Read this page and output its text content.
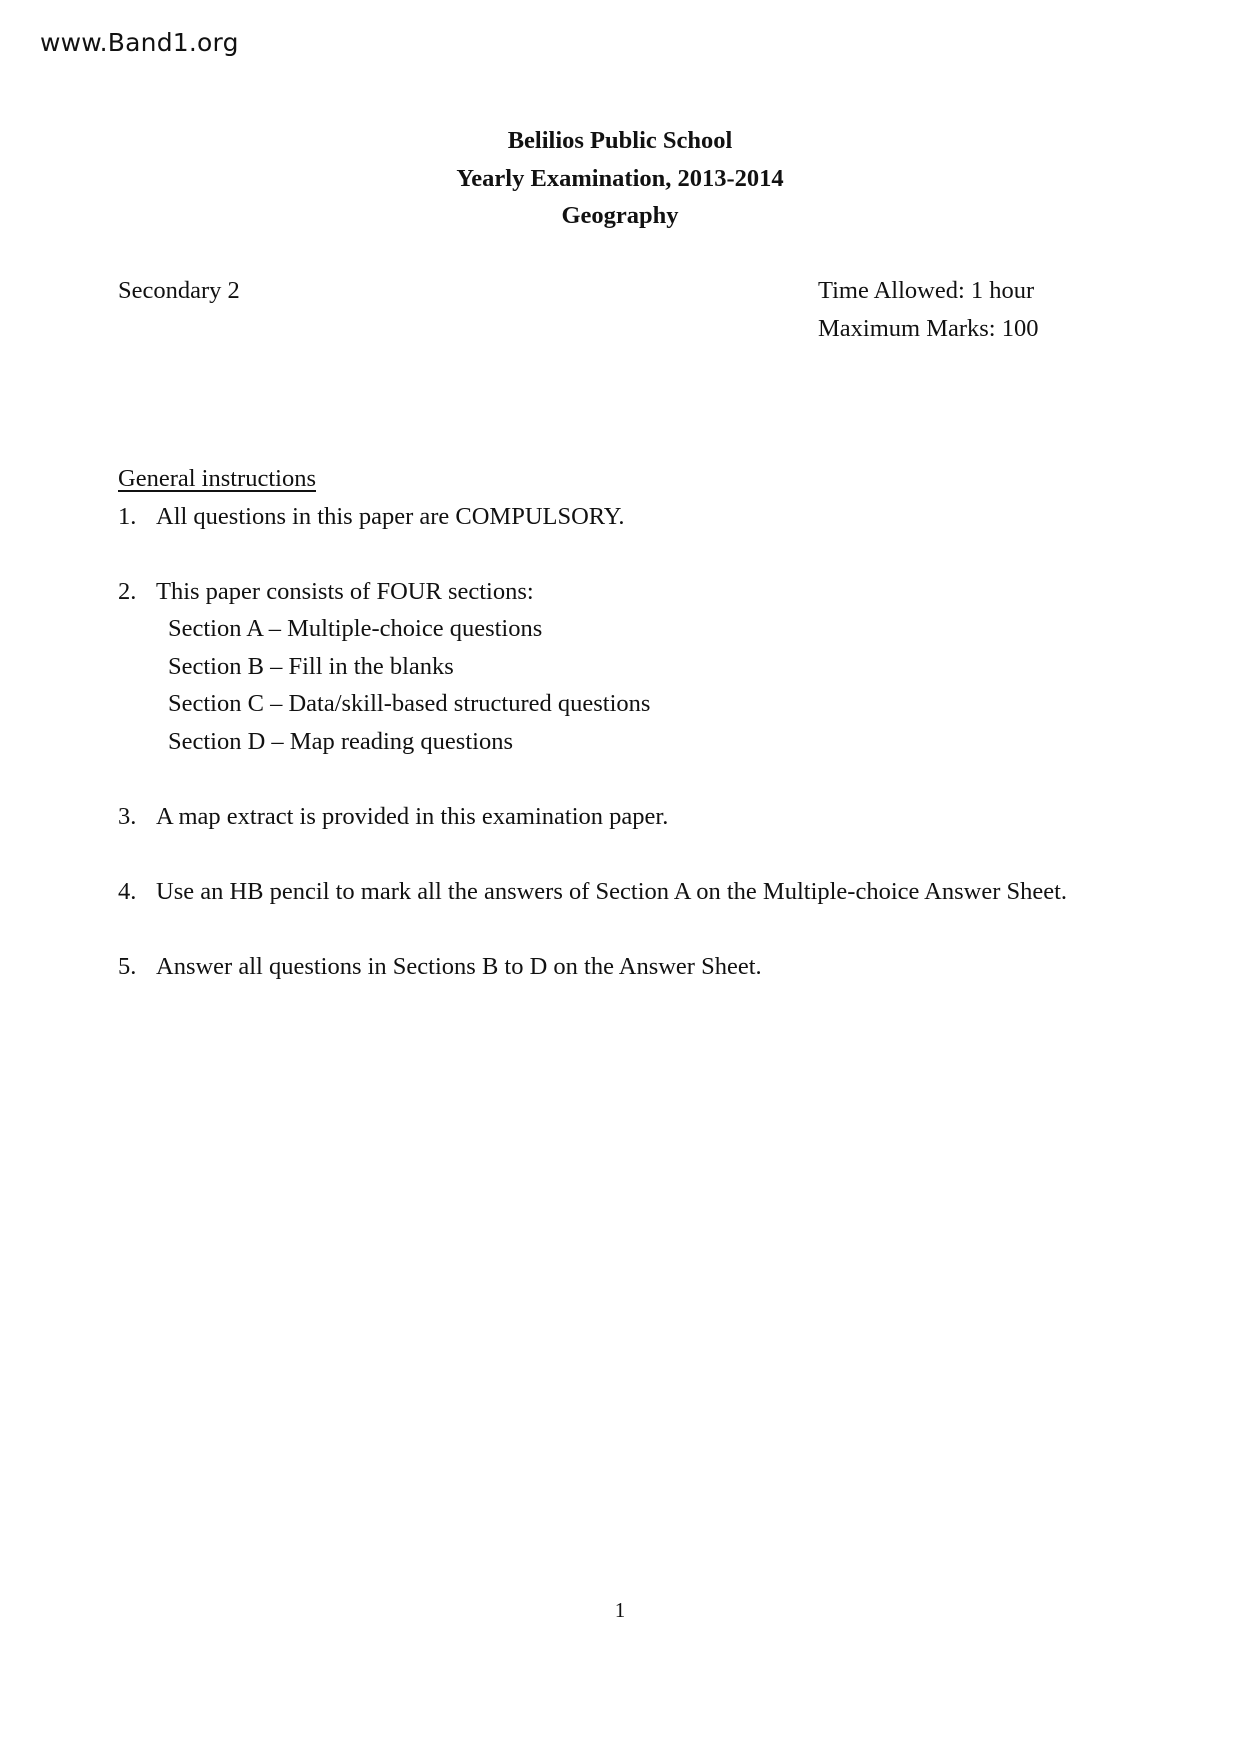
www.Band1.org
Belilios Public School
Yearly Examination, 2013-2014
Geography
Secondary 2	Time Allowed: 1 hour
Maximum Marks: 100
General instructions
1. All questions in this paper are COMPULSORY.
2. This paper consists of FOUR sections:
Section A – Multiple-choice questions
Section B – Fill in the blanks
Section C – Data/skill-based structured questions
Section D – Map reading questions
3. A map extract is provided in this examination paper.
4. Use an HB pencil to mark all the answers of Section A on the Multiple-choice Answer Sheet.
5. Answer all questions in Sections B to D on the Answer Sheet.
1
